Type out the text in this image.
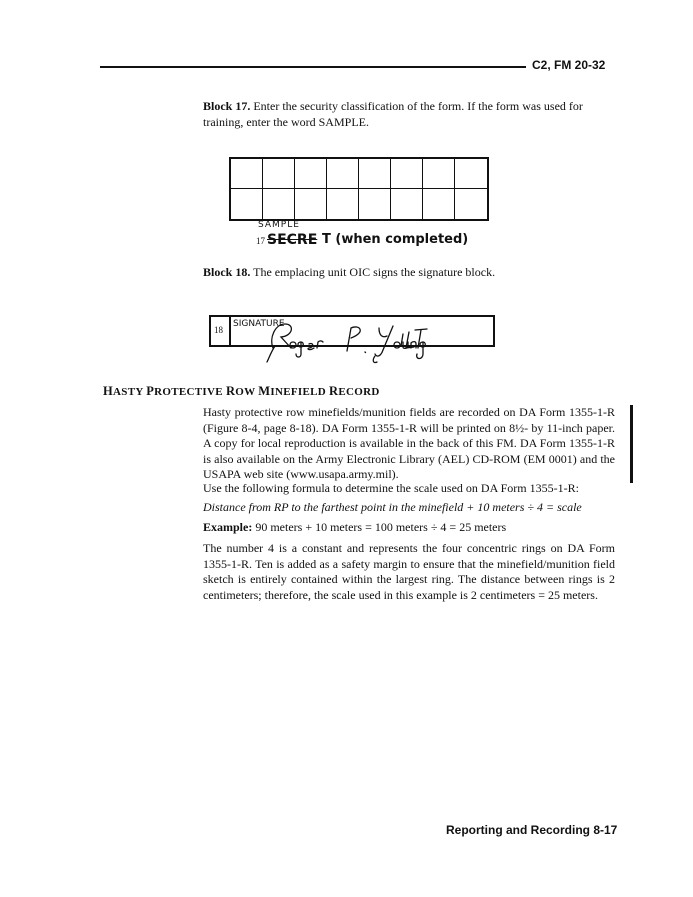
C2, FM 20-32
Block 17. Enter the security classification of the form. If the form was used for training, enter the word SAMPLE.
SAMPLE
17 SECRE T (when completed)
Block 18. The emplacing unit OIC signs the signature block.
18
SIGNATURE
Roger P. Young 1LT
HASTY PROTECTIVE ROW MINEFIELD RECORD
Hasty protective row minefields/munition fields are recorded on DA Form 1355-1-R (Figure 8-4, page 8-18). DA Form 1355-1-R will be printed on 8½- by 11-inch paper. A copy for local reproduction is available in the back of this FM. DA Form 1355-1-R is also available on the Army Electronic Library (AEL) CD-ROM (EM 0001) and the USAPA web site (www.usapa.army.mil).
Use the following formula to determine the scale used on DA Form 1355-1-R:
Distance from RP to the farthest point in the minefield + 10 meters ÷ 4 = scale
Example: 90 meters + 10 meters = 100 meters ÷ 4 = 25 meters
The number 4 is a constant and represents the four concentric rings on DA Form 1355-1-R. Ten is added as a safety margin to ensure that the minefield/munition field sketch is entirely contained within the largest ring. The distance between rings is 2 centimeters; therefore, the scale used in this example is 2 centimeters = 25 meters.
Reporting and Recording 8-17
